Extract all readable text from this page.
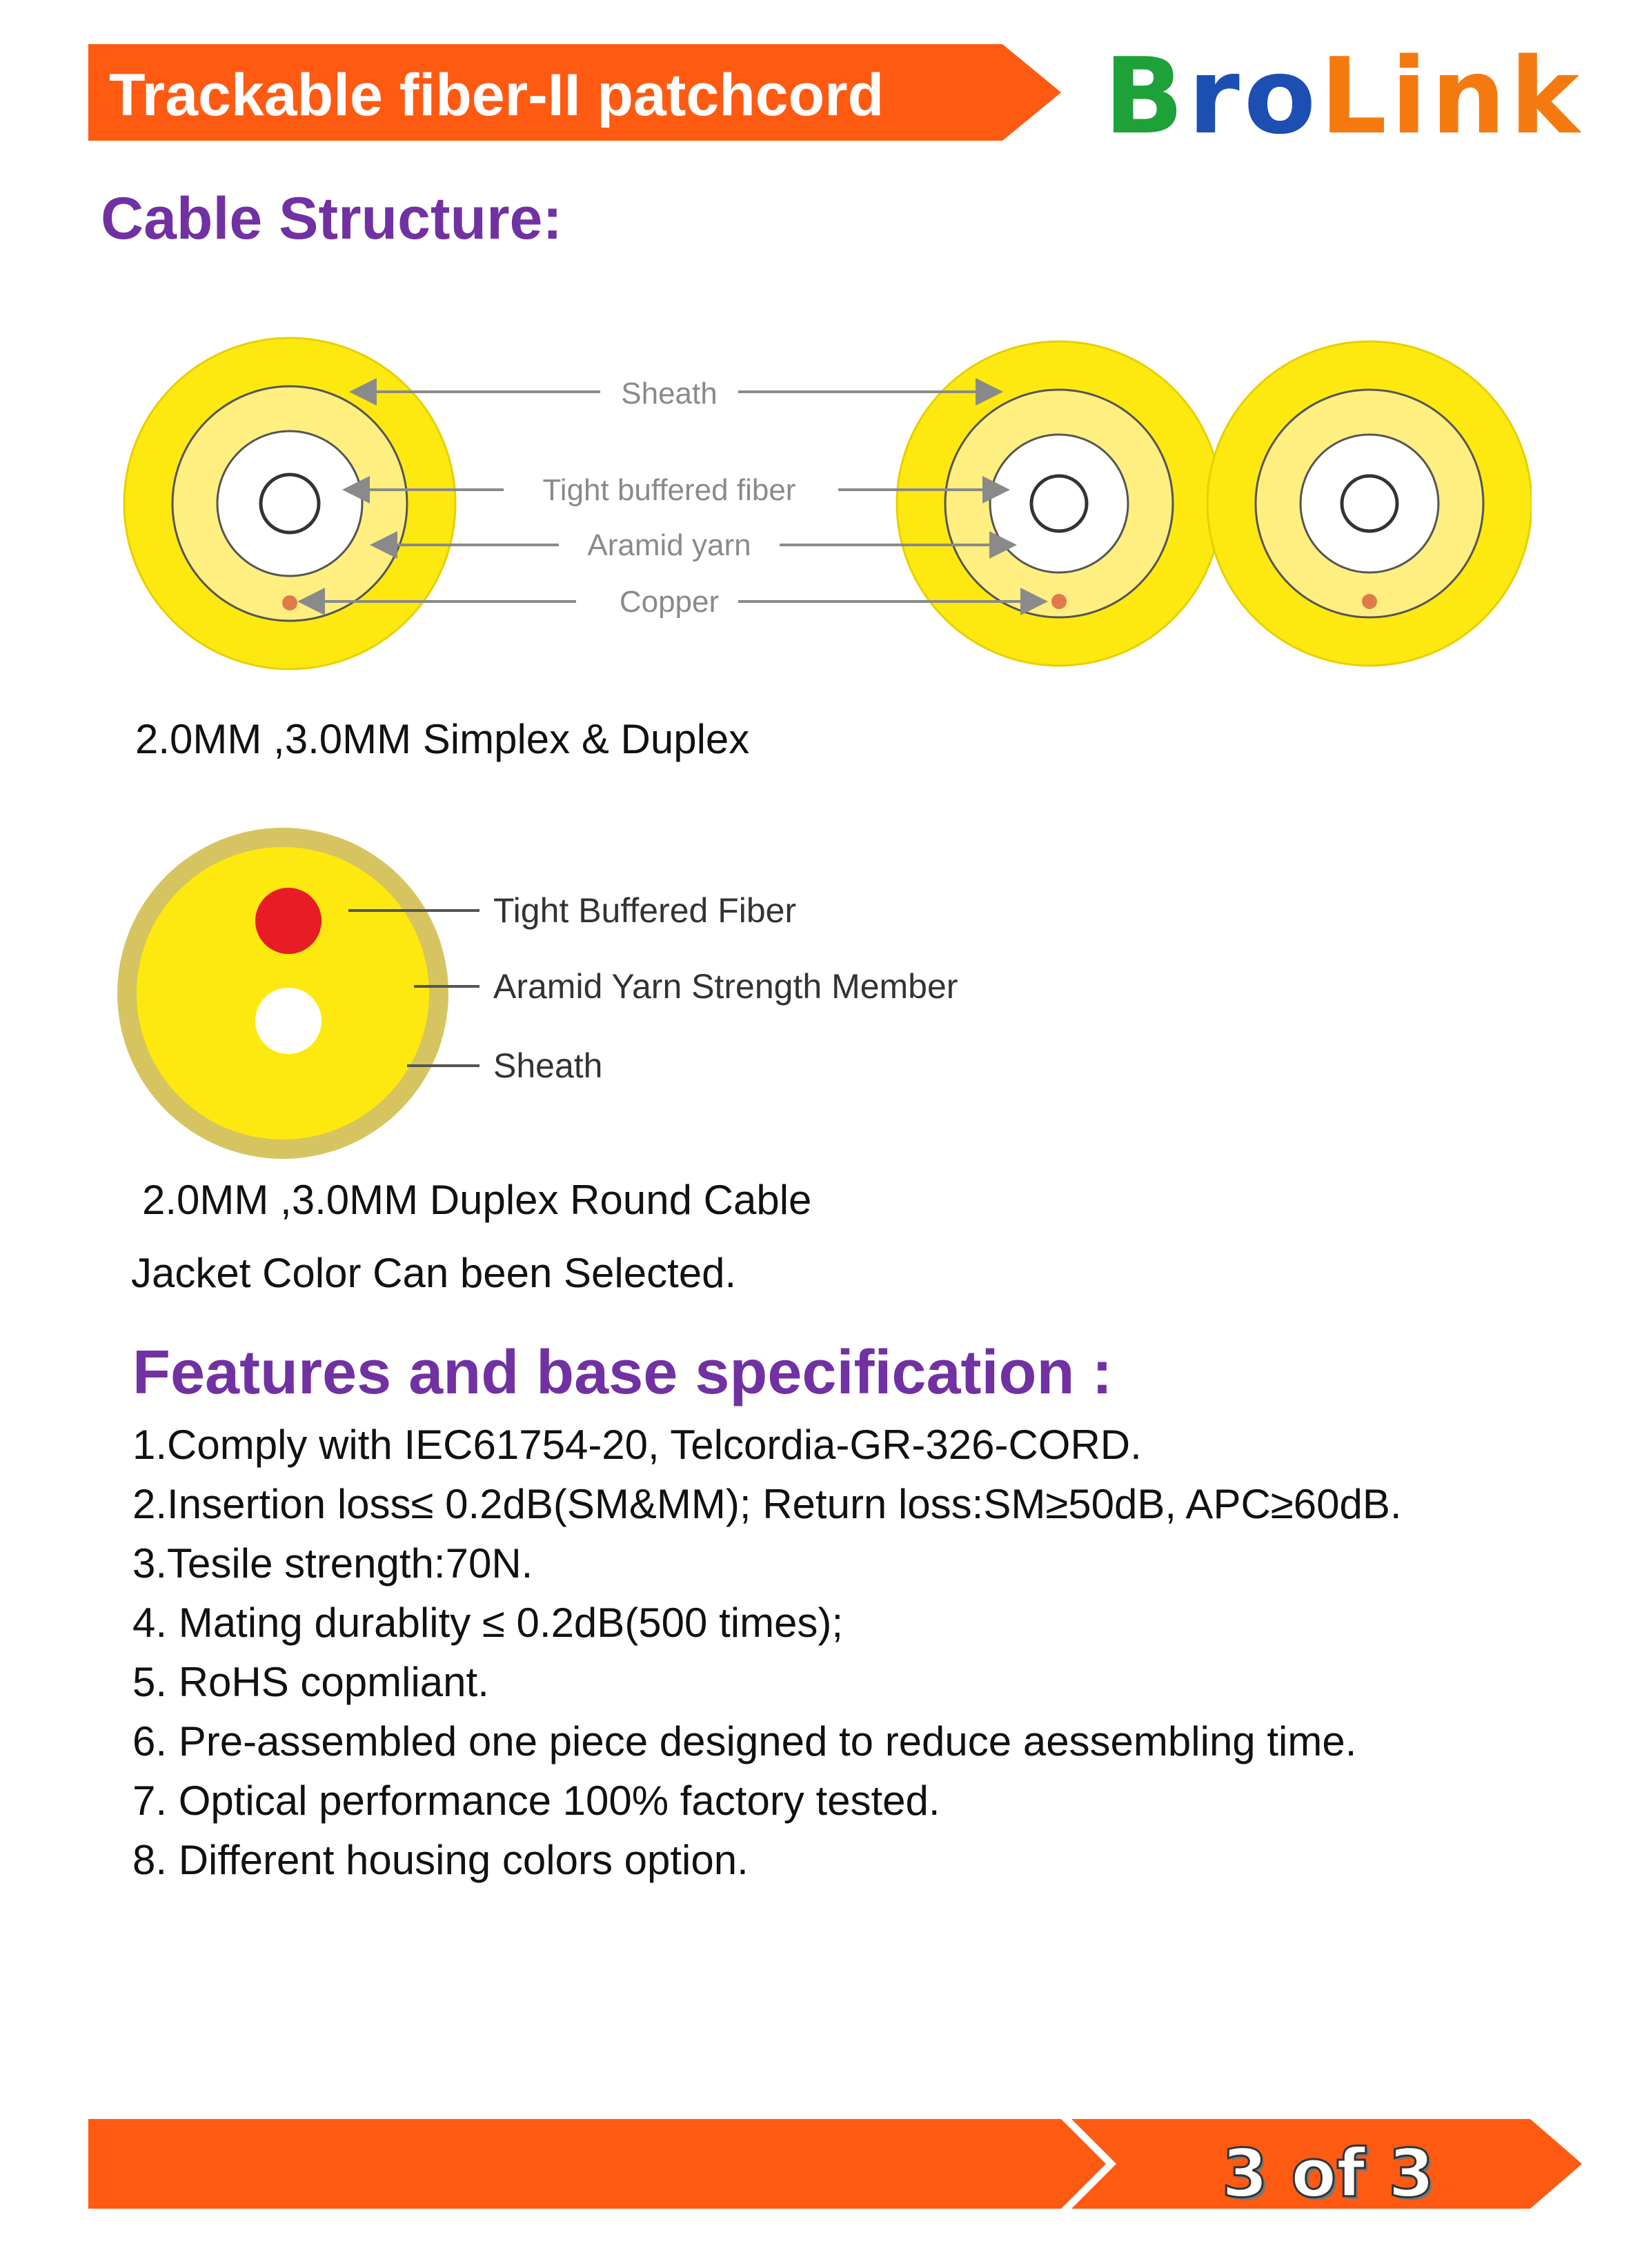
Trackable fiber-II patchcord BroLink
Cable Structure:
Sheath
Tight buffered fiber
Aramid yarn
Copper
2.0MM ,3.0MM Simplex & Duplex
Tight Buffered Fiber
Aramid Yarn Strength Member
Sheath
2.0MM ,3.0MM Duplex Round Cable
Jacket Color Can been Selected.
Features and base specification :
1.Comply with IEC61754-20, Telcordia-GR-326-CORD.
2.Insertion loss≤ 0.2dB(SM&MM); Return loss:SM≥50dB, APC≥60dB.
3.Tesile strength:70N.
4. Mating durablity ≤ 0.2dB(500 times);
5. RoHS copmliant.
6. Pre-assembled one piece designed to reduce aessembling time.
7. Optical performance 100% factory tested.
8. Different housing colors option.
3 of 3
